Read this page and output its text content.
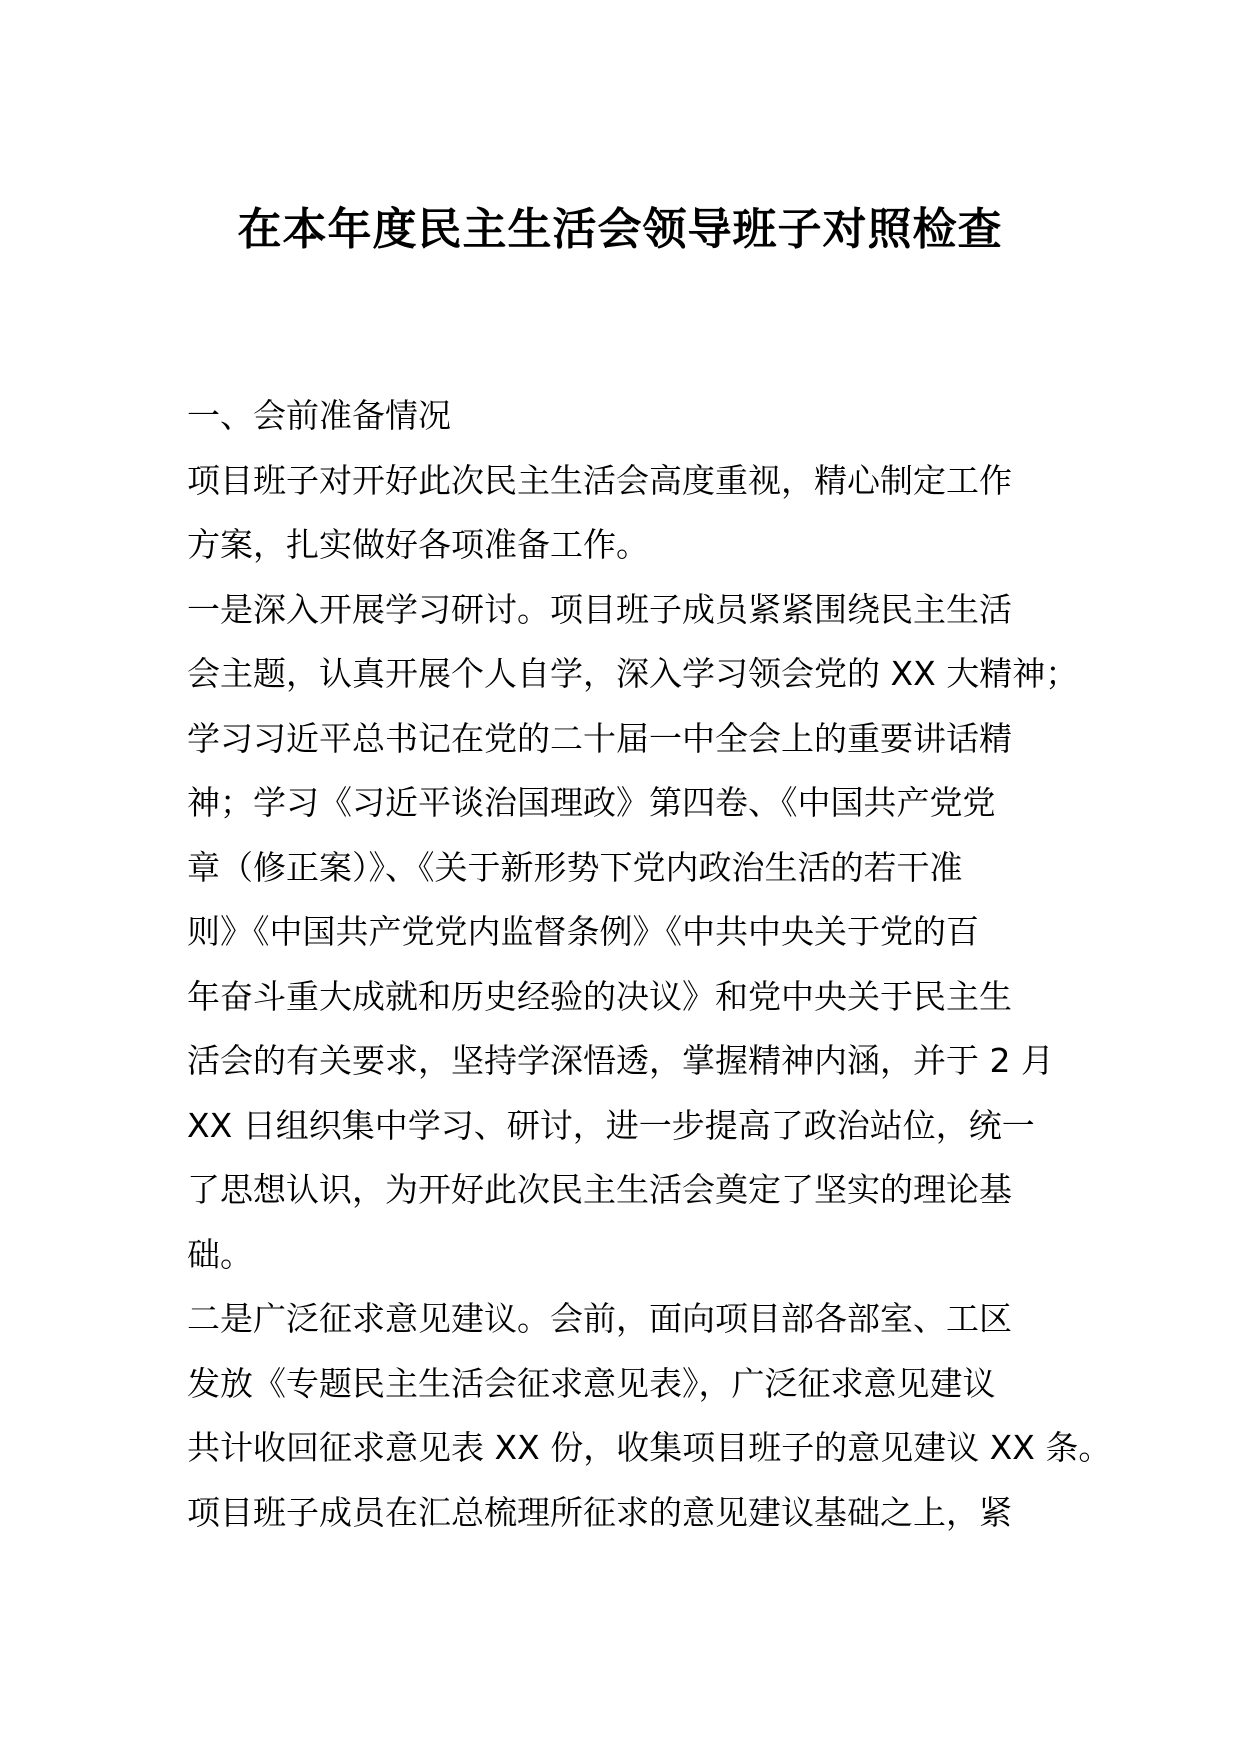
在本年度民主生活会领导班子对照检查
一、会前准备情况
项目班子对开好此次民主生活会高度重视，精心制定工作
方案，扎实做好各项准备工作。
一是深入开展学习研讨。项目班子成员紧紧围绕民主生活
会主题，认真开展个人自学，深入学习领会党的 XX 大精神；
学习习近平总书记在党的二十届一中全会上的重要讲话精
神；学习《习近平谈治国理政》第四卷、《中国共产党党
章（修正案）》、《关于新形势下党内政治生活的若干准
则》《中国共产党党内监督条例》《中共中央关于党的百
年奋斗重大成就和历史经验的决议》和党中央关于民主生
活会的有关要求，坚持学深悟透，掌握精神内涵，并于 2 月
XX 日组织集中学习、研讨，进一步提高了政治站位，统一
了思想认识，为开好此次民主生活会奠定了坚实的理论基
础。
二是广泛征求意见建议。会前，面向项目部各部室、工区
发放《专题民主生活会征求意见表》，广泛征求意见建议
共计收回征求意见表 XX 份，收集项目班子的意见建议 XX 条。
项目班子成员在汇总梳理所征求的意见建议基础之上，紧
